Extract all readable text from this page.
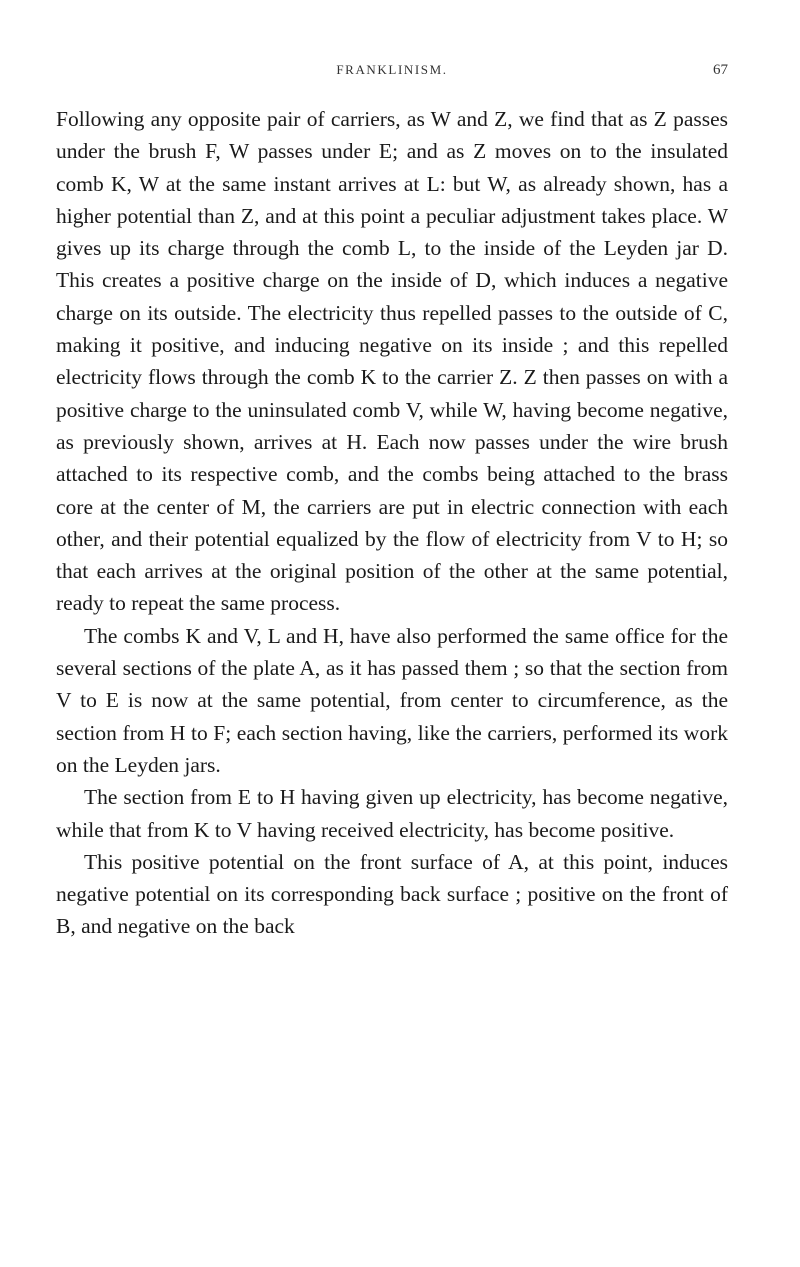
FRANKLINISM.	67

Following any opposite pair of carriers, as W and Z, we find that as Z passes under the brush F, W passes under E; and as Z moves on to the insulated comb K, W at the same instant arrives at L: but W, as already shown, has a higher potential than Z, and at this point a peculiar adjustment takes place. W gives up its charge through the comb L, to the inside of the Leyden jar D. This creates a positive charge on the inside of D, which induces a negative charge on its outside. The electricity thus repelled passes to the outside of C, making it positive, and inducing negative on its inside ; and this repelled electricity flows through the comb K to the carrier Z. Z then passes on with a positive charge to the uninsulated comb V, while W, having become negative, as previously shown, arrives at H. Each now passes under the wire brush attached to its respective comb, and the combs being attached to the brass core at the center of M, the carriers are put in electric connection with each other, and their potential equalized by the flow of electricity from V to H; so that each arrives at the original position of the other at the same potential, ready to repeat the same process.

The combs K and V, L and H, have also performed the same office for the several sections of the plate A, as it has passed them ; so that the section from V to E is now at the same potential, from center to circumference, as the section from H to F; each section having, like the carriers, performed its work on the Leyden jars.

The section from E to H having given up electricity, has become negative, while that from K to V having received electricity, has become positive.

This positive potential on the front surface of A, at this point, induces negative potential on its corresponding back surface ; positive on the front of B, and negative on the back
